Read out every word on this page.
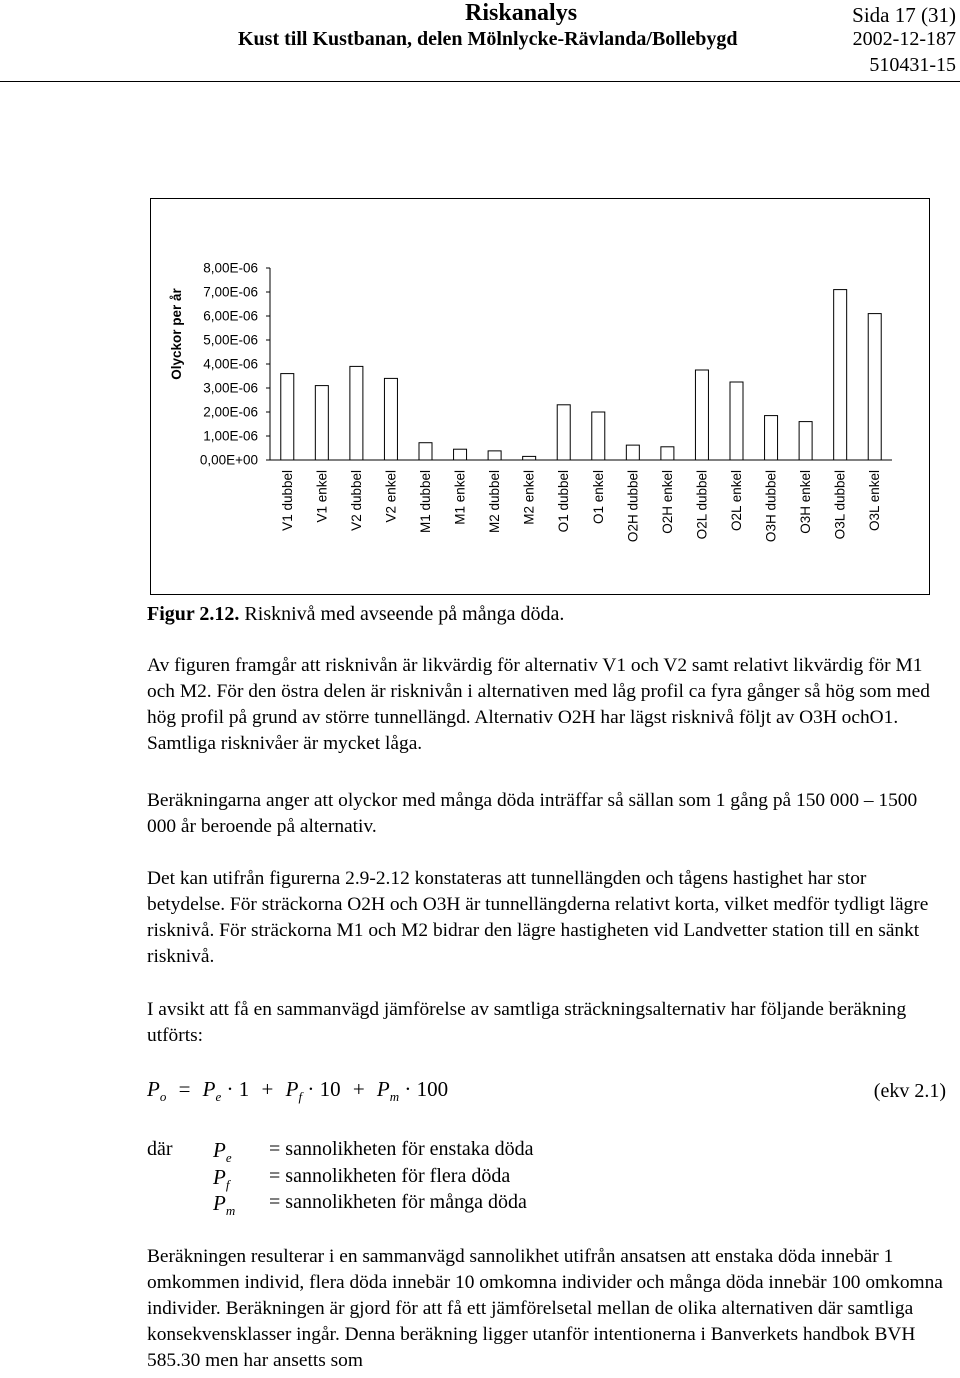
Riskanalys	Sida 17 (31)
Kust till Kustbanan, delen Mölnlycke-Rävlanda/Bollebygd	2002-12-187
510431-15
Olyckor per år
8,00E-06
7,00E-06
6,00E-06
5,00E-06
4,00E-06
3,00E-06
2,00E-06
1,00E-06
0,00E+00
V1 dubbel V1 enkel V2 dubbel V2 enkel M1 dubbel M1 enkel M2 dubbel M2 enkel O1 dubbel O1 enkel O2H dubbel O2H enkel O2L dubbel O2L enkel O3H dubbel O3H enkel O3L dubbel O3L enkel
Figur 2.12. Risknivå med avseende på många döda.

Av figuren framgår att risknivån är likvärdig för alternativ V1 och V2 samt relativt likvärdig för M1 och M2. För den östra delen är risknivån i alternativen med låg profil ca fyra gånger så hög som med hög profil på grund av större tunnellängd. Alternativ O2H har lägst risknivå följt av O3H ochO1. Samtliga risknivåer är mycket låga.

Beräkningarna anger att olyckor med många döda inträffar så sällan som 1 gång på 150 000 – 1500 000 år beroende på alternativ.

Det kan utifrån figurerna 2.9-2.12 konstateras att tunnellängden och tågens hastighet har stor betydelse. För sträckorna O2H och O3H är tunnellängderna relativt korta, vilket medför tydligt lägre risknivå. För sträckorna M1 och M2 bidrar den lägre hastigheten vid Landvetter station till en sänkt risknivå.

I avsikt att få en sammanvägd jämförelse av samtliga sträckningsalternativ har följande beräkning utförts:

$P_o = P_e \cdot 1 + P_f \cdot 10 + P_m \cdot 100$	(ekv 2.1)
där $P_e$ = sannolikheten för enstaka döda
$P_f$ = sannolikheten för flera döda
$P_m$ = sannolikheten för många döda

Beräkningen resulterar i en sammanvägd sannolikhet utifrån ansatsen att enstaka döda innebär 1 omkommen individ, flera döda innebär 10 omkomna individer och många döda innebär 100 omkomna individer. Beräkningen är gjord för att få ett jämförelsetal mellan de olika alternativen där samtliga konsekvensklasser ingår. Denna beräkning ligger utanför intentionerna i Banverkets handbok BVH 585.30 men har ansetts som
